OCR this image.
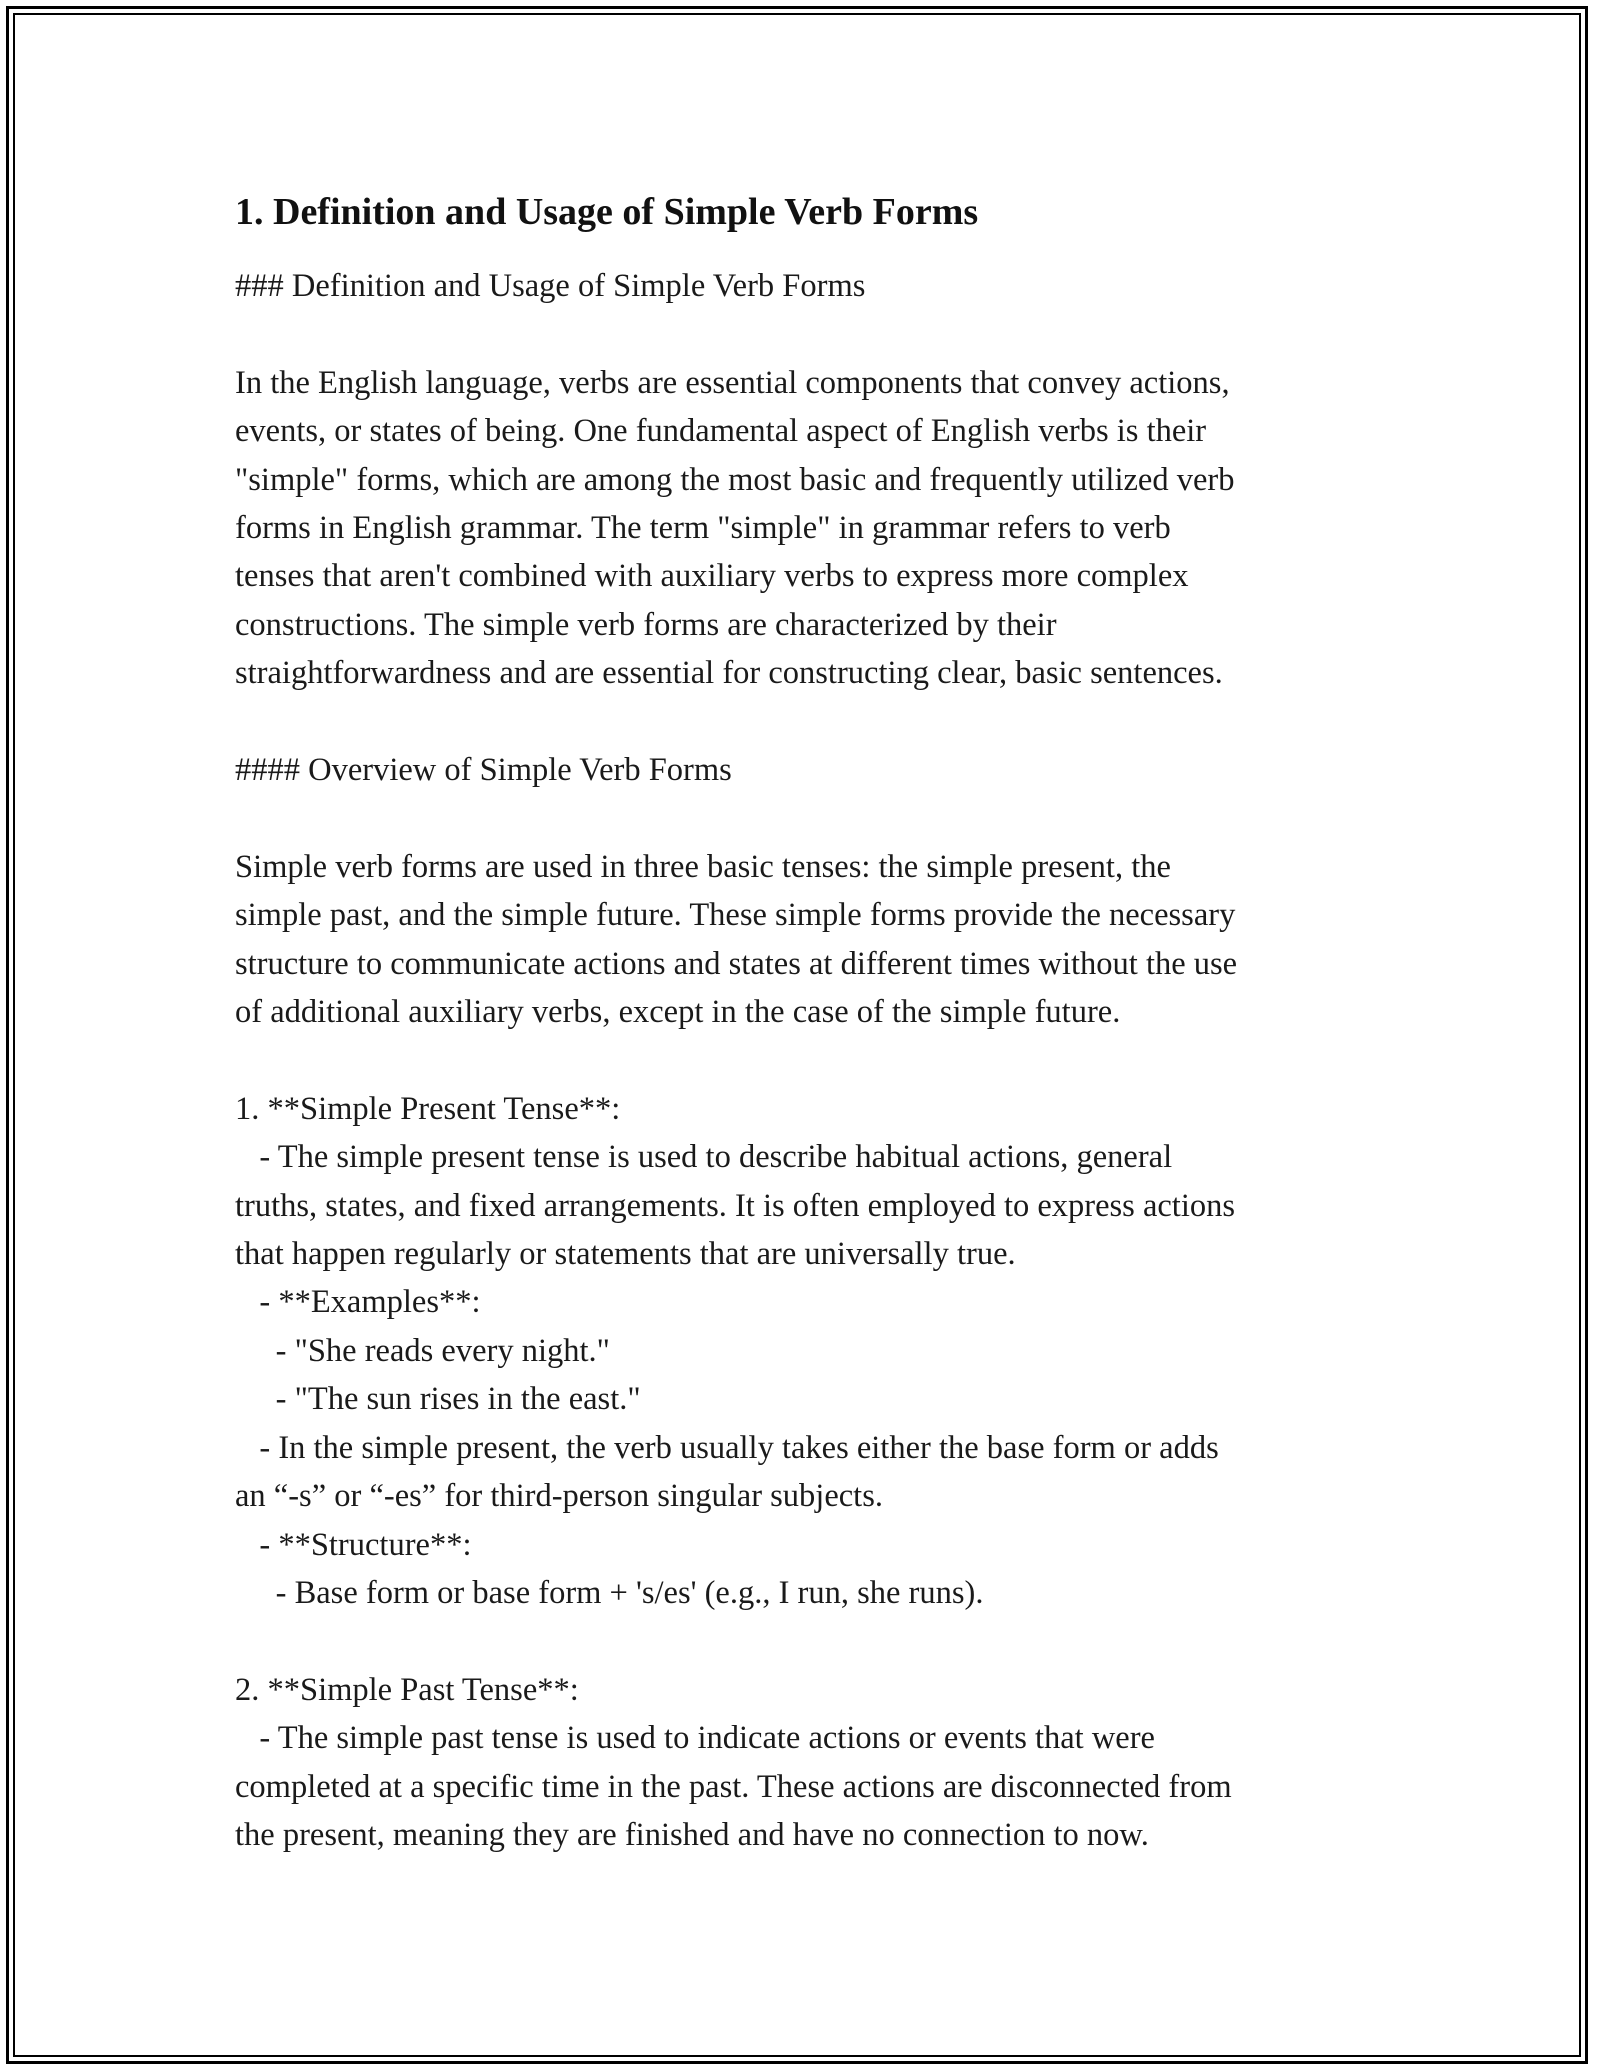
1. Definition and Usage of Simple Verb Forms

### Definition and Usage of Simple Verb Forms

In the English language, verbs are essential components that convey actions,

events, or states of being. One fundamental aspect of English verbs is their

"simple" forms, which are among the most basic and frequently utilized verb

forms in English grammar. The term "simple" in grammar refers to verb

tenses that aren't combined with auxiliary verbs to express more complex

constructions. The simple verb forms are characterized by their

straightforwardness and are essential for constructing clear, basic sentences.

#### Overview of Simple Verb Forms

Simple verb forms are used in three basic tenses: the simple present, the

simple past, and the simple future. These simple forms provide the necessary

structure to communicate actions and states at different times without the use

of additional auxiliary verbs, except in the case of the simple future.

1. **Simple Present Tense**:

- The simple present tense is used to describe habitual actions, general

truths, states, and fixed arrangements. It is often employed to express actions

that happen regularly or statements that are universally true.

- **Examples**:

- "She reads every night."

- "The sun rises in the east."

- In the simple present, the verb usually takes either the base form or adds

an “-s” or “-es” for third-person singular subjects.

- **Structure**:

- Base form or base form + 's/es' (e.g., I run, she runs).

2. **Simple Past Tense**:

- The simple past tense is used to indicate actions or events that were

completed at a specific time in the past. These actions are disconnected from

the present, meaning they are finished and have no connection to now.
